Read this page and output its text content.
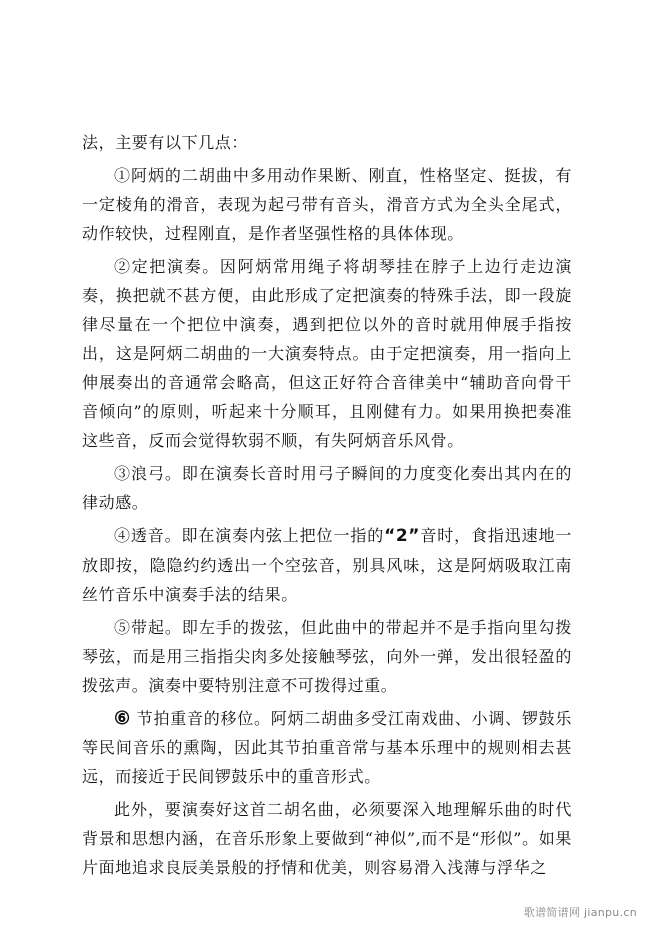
法，主要有以下几点：

①阿炳的二胡曲中多用动作果断、刚直，性格坚定、挺拔，有一定棱角的滑音，表现为起弓带有音头，滑音方式为全头全尾式，动作较快，过程刚直，是作者坚强性格的具体体现。

②定把演奏。因阿炳常用绳子将胡琴挂在脖子上边行走边演奏，换把就不甚方便，由此形成了定把演奏的特殊手法，即一段旋律尽量在一个把位中演奏，遇到把位以外的音时就用伸展手指按出，这是阿炳二胡曲的一大演奏特点。由于定把演奏，用一指向上伸展奏出的音通常会略高，但这正好符合音律美中“辅助音向骨干音倾向”的原则，听起来十分顺耳，且刚健有力。如果用换把奏准这些音，反而会觉得软弱不顺，有失阿炳音乐风骨。

③浪弓。即在演奏长音时用弓子瞬间的力度变化奏出其内在的律动感。

④透音。即在演奏内弦上把位一指的“2”音时，食指迅速地一放即按，隐隐约约透出一个空弦音，别具风味，这是阿炳吸取江南丝竹音乐中演奏手法的结果。

⑤带起。即左手的拨弦，但此曲中的带起并不是手指向里勾拨琴弦，而是用三指指尖肉多处接触琴弦，向外一弹，发出很轻盈的拨弦声。演奏中要特别注意不可拨得过重。

⑥ 节拍重音的移位。阿炳二胡曲多受江南戏曲、小调、锣鼓乐等民间音乐的熏陶，因此其节拍重音常与基本乐理中的规则相去甚远，而接近于民间锣鼓乐中的重音形式。

此外，要演奏好这首二胡名曲，必须要深入地理解乐曲的时代背景和思想内涵，在音乐形象上要做到“神似”,而不是“形似”。如果片面地追求良辰美景般的抒情和优美，则容易滑入浅薄与浮华之

歌谱简谱网 jianpu.cn
